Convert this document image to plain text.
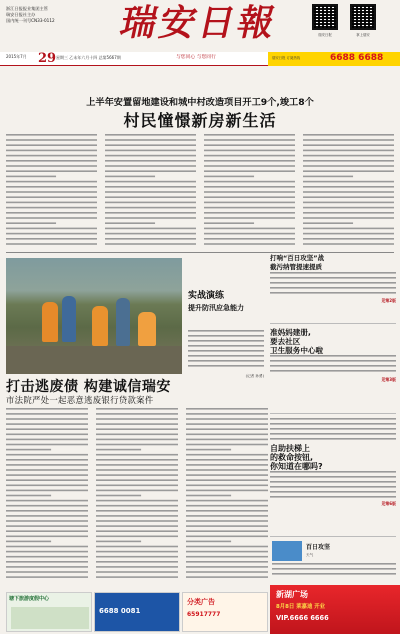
浙江日报报业集团主管
瑞安日报社主办
国内统一刊号CN33-0112	瑞安日報	瑞安日报	掌上瑞安
2015年7月 29 星期三 乙未年六月十四 总第5667期	与您同心 与您同行	瑞安日报 订阅热线	6688 6688
上半年安置留地建设和城中村改造项目开工9个,竣工8个
村民憧憬新房新生活
实战演练
提升防汛应急能力
(记者 孙勇)
打击逃废债 构建诚信瑞安
市法院严处一起恶意逃废银行贷款案件
打响“百日攻坚”战
截污纳管提速提质
见第2版
准妈妈建册,
要去社区
卫生服务中心啦
见第3版
自助扶梯上
的救命按钮,
你知道在哪吗?
见第6版
百日攻坚
天气
塘下旅游度假中心
6688 0081
分类广告
65917777
新湖广场
8月8日 莱嘉迪 开业
VIP.6666 6666
